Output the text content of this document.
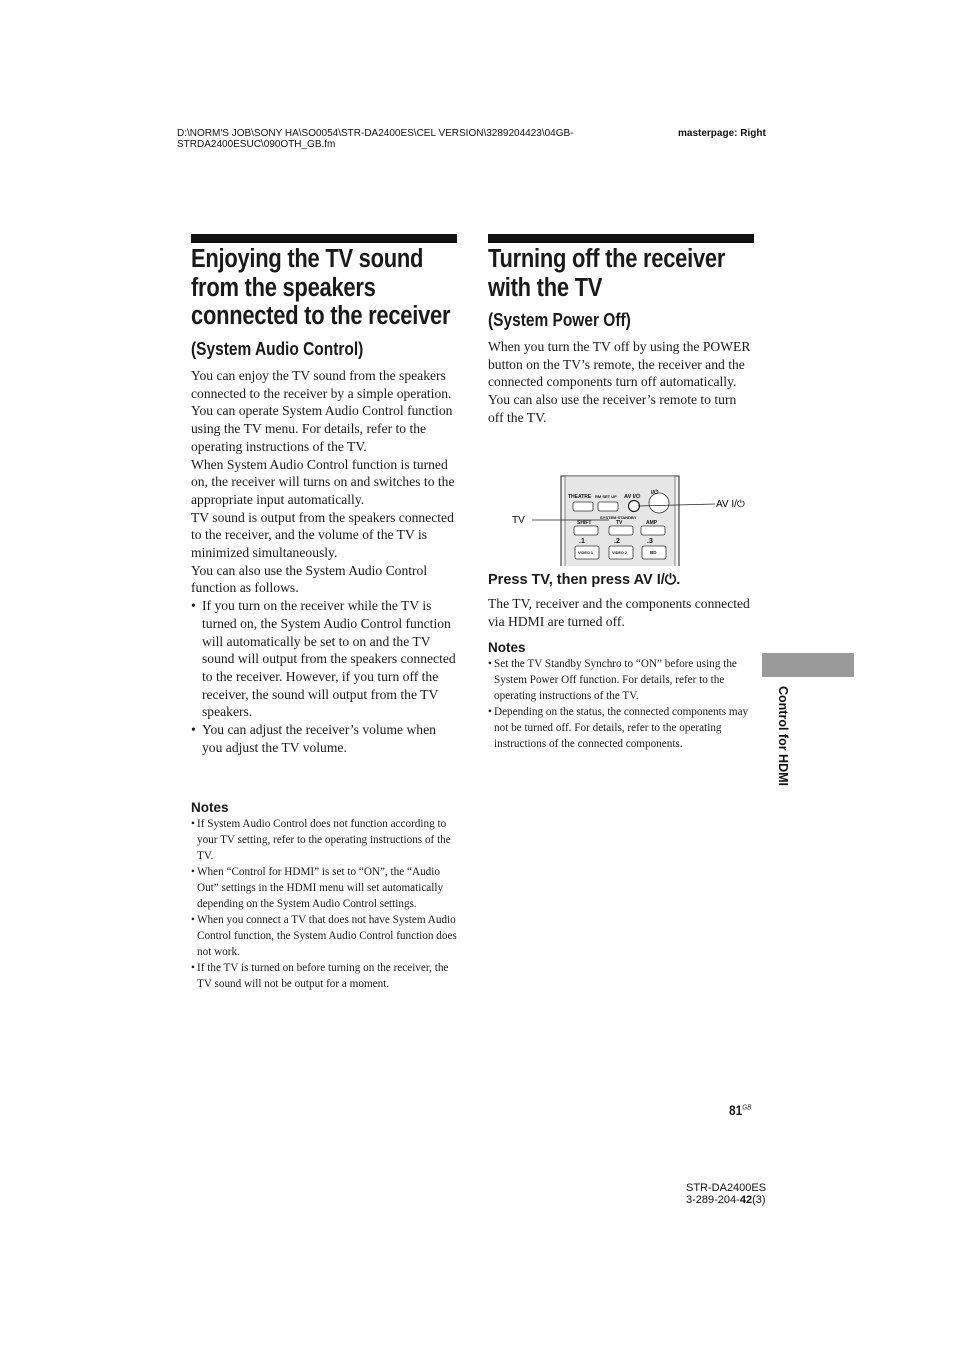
D:\NORM'S JOB\SONY HA\SO0054\STR-DA2400ES\CEL VERSION\3289204423\04GB-
STRDA2400ESUC\090OTH_GB.fm
masterpage: Right
Enjoying the TV sound
from the speakers
connected to the receiver
(System Audio Control)

You can enjoy the TV sound from the speakers connected to the receiver by a simple operation.

You can operate System Audio Control function using the TV menu. For details, refer to the operating instructions of the TV.

When System Audio Control function is turned on, the receiver will turns on and switches to the appropriate input automatically.

TV sound is output from the speakers connected to the receiver, and the volume of the TV is minimized simultaneously.

You can also use the System Audio Control function as follows.

• If you turn on the receiver while the TV is turned on, the System Audio Control function will automatically be set to on and the TV sound will output from the speakers connected to the receiver. However, if you turn off the receiver, the sound will output from the TV speakers.
• You can adjust the receiver’s volume when you adjust the TV volume.
Notes
• If System Audio Control does not function according to your TV setting, refer to the operating instructions of the TV.
• When “Control for HDMI” is set to “ON”, the “Audio Out” settings in the HDMI menu will set automatically depending on the System Audio Control settings.
• When you connect a TV that does not have System Audio Control function, the System Audio Control function does not work.
• If the TV is turned on before turning on the receiver, the TV sound will not be output for a moment.
Turning off the receiver
with the TV
(System Power Off)

When you turn the TV off by using the POWER button on the TV’s remote, the receiver and the connected components turn off automatically.

You can also use the receiver’s remote to turn off the TV.

THEATRE RM SET UP AV I/⏻
I/⏻
SYSTEM STANDBY
SHIFT	TV	AMP
.1	.2	.3
VIDEO 1	VIDEO 2	BD
TV
AV I/⏻
Press TV, then press AV I/⏻.
The TV, receiver and the components connected via HDMI are turned off.
Notes
• Set the TV Standby Synchro to “ON” before using the System Power Off function. For details, refer to the operating instructions of the TV.
• Depending on the status, the connected components may not be turned off. For details, refer to the operating instructions of the connected components.	Control for HDMI
$81^{GB}$
STR-DA2400ES
3-289-204-42(3)
